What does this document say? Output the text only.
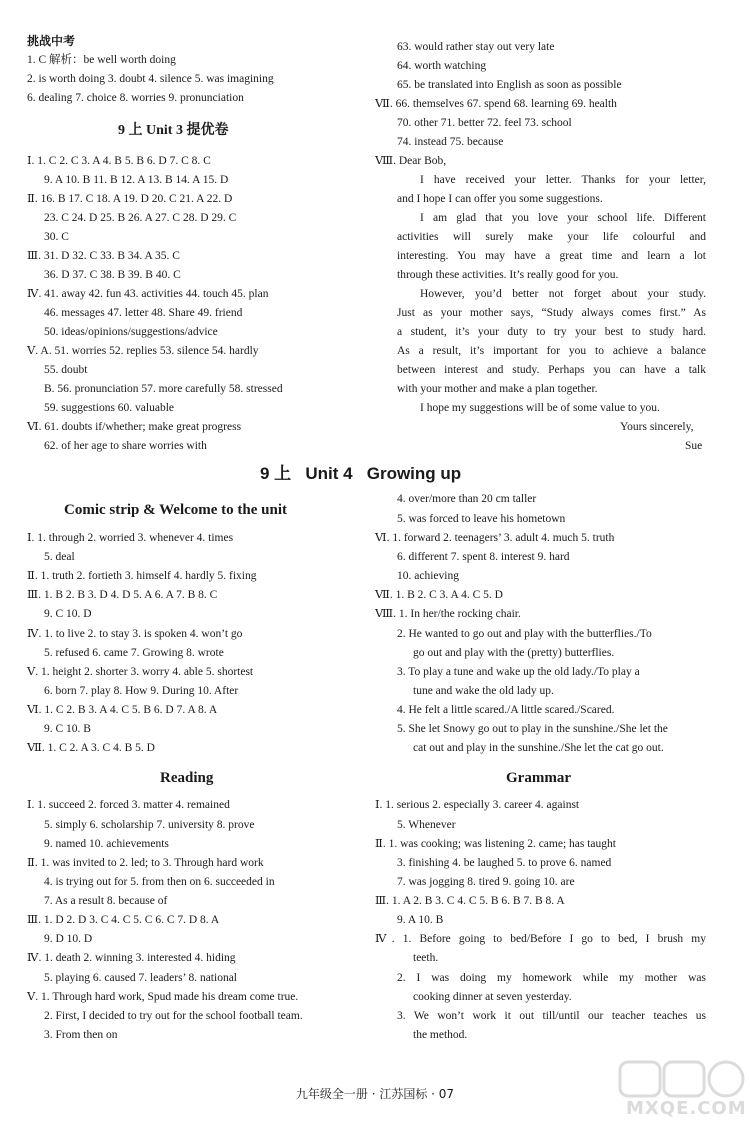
挑战中考
1. C 解析：be well worth doing
2. is worth doing 3. doubt 4. silence 5. was imagining
6. dealing 7. choice 8. worries 9. pronunciation
9 上 Unit 3 提优卷
Ⅰ. 1. C 2. C 3. A 4. B 5. B 6. D 7. C 8. C
9. A 10. B 11. B 12. A 13. B 14. A 15. D
Ⅱ. 16. B 17. C 18. A 19. D 20. C 21. A 22. D
23. C 24. D 25. B 26. A 27. C 28. D 29. C
30. C
Ⅲ. 31. D 32. C 33. B 34. A 35. C
36. D 37. C 38. B 39. B 40. C
Ⅳ. 41. away 42. fun 43. activities 44. touch 45. plan
46. messages 47. letter 48. Share 49. friend
50. ideas/opinions/suggestions/advice
Ⅴ. A. 51. worries 52. replies 53. silence 54. hardly
55. doubt
B. 56. pronunciation 57. more carefully 58. stressed
59. suggestions 60. valuable
Ⅵ. 61. doubts if/whether; make great progress
62. of her age to share worries with
63. would rather stay out very late
64. worth watching
65. be translated into English as soon as possible
Ⅶ. 66. themselves 67. spend 68. learning 69. health
70. other 71. better 72. feel 73. school
74. instead 75. because
Ⅷ. Dear Bob,
I have received your letter. Thanks for your letter,
and I hope I can offer you some suggestions.
I am glad that you love your school life. Different
activities will surely make your life colourful and
interesting. You may have a great time and learn a lot
through these activities. It’s really good for you.
However, you’d better not forget about your study.
Just as your mother says, “Study always comes first.” As
a student, it’s your duty to try your best to study hard.
As a result, it’s important for you to achieve a balance
between interest and study. Perhaps you can have a talk
with your mother and make a plan together.
I hope my suggestions will be of some value to you.
Yours sincerely,
Sue
9 上   Unit 4   Growing up
Comic strip & Welcome to the unit
Ⅰ. 1. through 2. worried 3. whenever 4. times
5. deal
Ⅱ. 1. truth 2. fortieth 3. himself 4. hardly 5. fixing
Ⅲ. 1. B 2. B 3. D 4. D 5. A 6. A 7. B 8. C
9. C 10. D
Ⅳ. 1. to live 2. to stay 3. is spoken 4. won’t go
5. refused 6. came 7. Growing 8. wrote
Ⅴ. 1. height 2. shorter 3. worry 4. able 5. shortest
6. born 7. play 8. How 9. During 10. After
Ⅵ. 1. C 2. B 3. A 4. C 5. B 6. D 7. A 8. A
9. C 10. B
Ⅶ. 1. C 2. A 3. C 4. B 5. D
4. over/more than 20 cm taller
5. was forced to leave his hometown
Ⅵ. 1. forward 2. teenagers’ 3. adult 4. much 5. truth
6. different 7. spent 8. interest 9. hard
10. achieving
Ⅶ. 1. B 2. C 3. A 4. C 5. D
Ⅷ. 1. In her/the rocking chair.
2. He wanted to go out and play with the butterflies./To
go out and play with the (pretty) butterflies.
3. To play a tune and wake up the old lady./To play a
tune and wake the old lady up.
4. He felt a little scared./A little scared./Scared.
5. She let Snowy go out to play in the sunshine./She let the
cat out and play in the sunshine./She let the cat go out.
Reading
Ⅰ. 1. succeed 2. forced 3. matter 4. remained
5. simply 6. scholarship 7. university 8. prove
9. named 10. achievements
Ⅱ. 1. was invited to 2. led; to 3. Through hard work
4. is trying out for 5. from then on 6. succeeded in
7. As a result 8. because of
Ⅲ. 1. D 2. D 3. C 4. C 5. C 6. C 7. D 8. A
9. D 10. D
Ⅳ. 1. death 2. winning 3. interested 4. hiding
5. playing 6. caused 7. leaders’ 8. national
Ⅴ. 1. Through hard work, Spud made his dream come true.
2. First, I decided to try out for the school football team.
3. From then on
Grammar
Ⅰ. 1. serious 2. especially 3. career 4. against
5. Whenever
Ⅱ. 1. was cooking; was listening 2. came; has taught
3. finishing 4. be laughed 5. to prove 6. named
7. was jogging 8. tired 9. going 10. are
Ⅲ. 1. A 2. B 3. C 4. C 5. B 6. B 7. B 8. A
9. A 10. B
Ⅳ. 1. Before going to bed/Before I go to bed, I brush my
teeth.
2. I was doing my homework while my mother was
cooking dinner at seven yesterday.
3. We won’t work it out till/until our teacher teaches us
the method.
九年级全一册 · 江苏国标 · 07
MXQE.COM
